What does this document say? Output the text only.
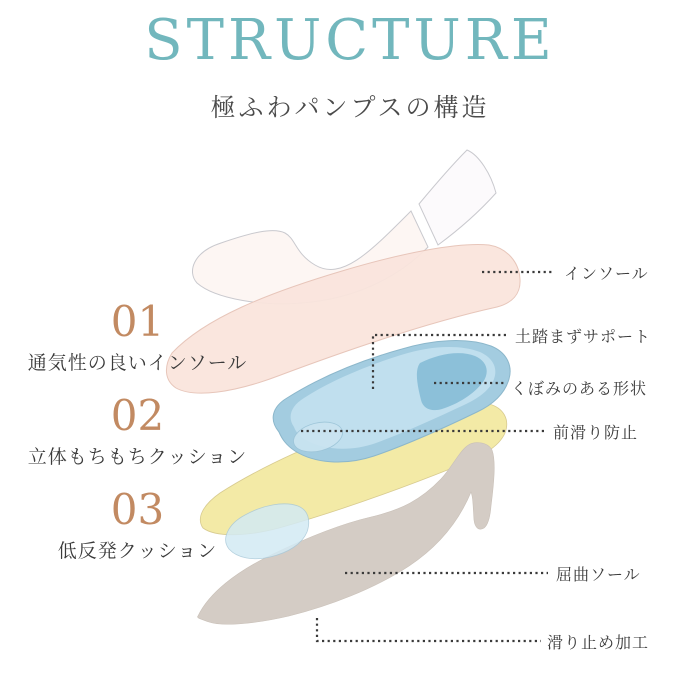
STRUCTURE
極ふわパンプスの構造
01
通気性の良いインソール
02
立体もちもちクッション
03
低反発クッション
インソール
土踏まずサポート
くぼみのある形状
前滑り防止
屈曲ソール
滑り止め加工
